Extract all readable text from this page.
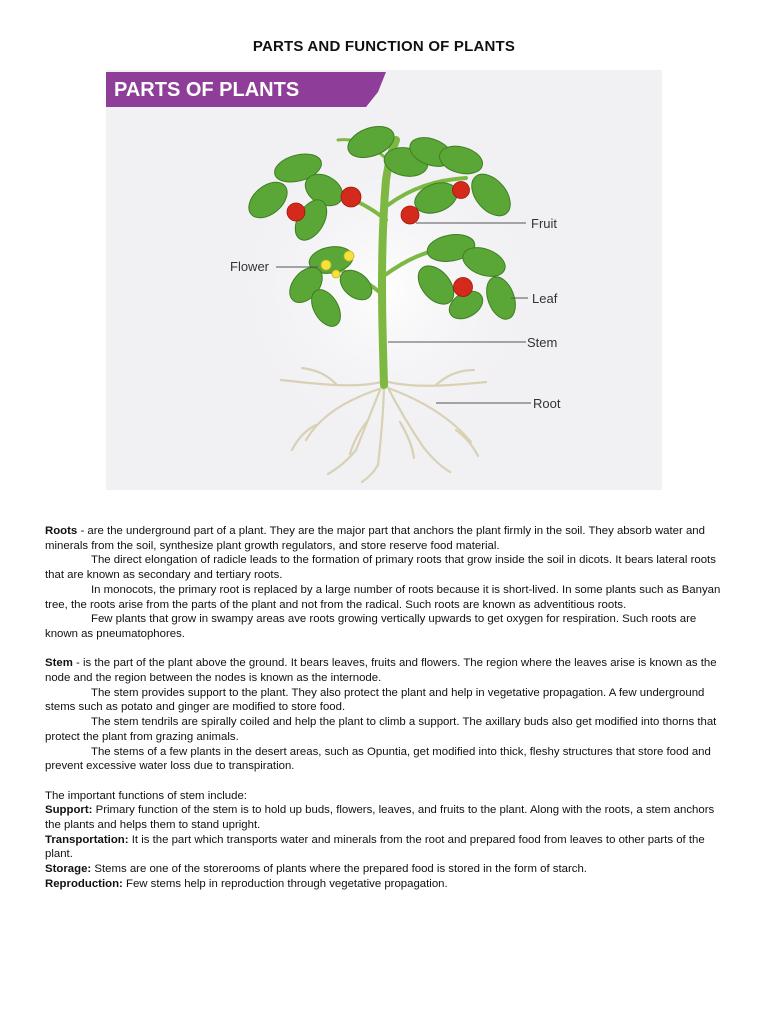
PARTS AND FUNCTION OF PLANTS
PARTS OF PLANTS
Fruit
Flower
Leaf
Stem
Root

Roots - are the underground part of a plant. They are the major part that anchors the plant firmly in the soil. They absorb water and minerals from the soil, synthesize plant growth regulators, and store reserve food material.

The direct elongation of radicle leads to the formation of primary roots that grow inside the soil in dicots. It bears lateral roots that are known as secondary and tertiary roots.

In monocots, the primary root is replaced by a large number of roots because it is short-lived. In some plants such as Banyan tree, the roots arise from the parts of the plant and not from the radical. Such roots are known as adventitious roots.

Few plants that grow in swampy areas ave roots growing vertically upwards to get oxygen for respiration. Such roots are known as pneumatophores.

Stem - is the part of the plant above the ground. It bears leaves, fruits and flowers. The region where the leaves arise is known as the node and the region between the nodes is known as the internode.

The stem provides support to the plant. They also protect the plant and help in vegetative propagation. A few underground stems such as potato and ginger are modified to store food.

The stem tendrils are spirally coiled and help the plant to climb a support. The axillary buds also get modified into thorns that protect the plant from grazing animals.

The stems of a few plants in the desert areas, such as Opuntia, get modified into thick, fleshy structures that store food and prevent excessive water loss due to transpiration.

The important functions of stem include:

Support: Primary function of the stem is to hold up buds, flowers, leaves, and fruits to the plant. Along with the roots, a stem anchors the plants and helps them to stand upright.

Transportation: It is the part which transports water and minerals from the root and prepared food from leaves to other parts of the plant.

Storage: Stems are one of the storerooms of plants where the prepared food is stored in the form of starch.

Reproduction: Few stems help in reproduction through vegetative propagation.
